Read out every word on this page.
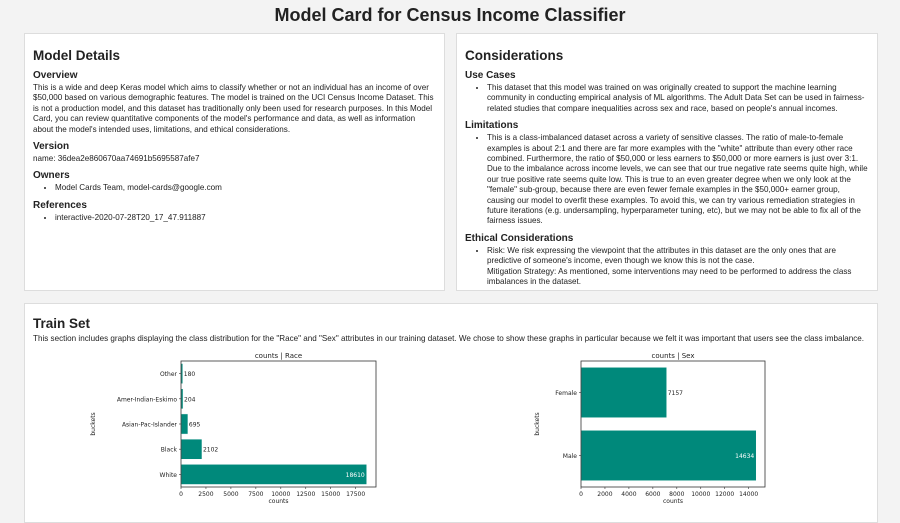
Model Card for Census Income Classifier
Model Details
Overview

This is a wide and deep Keras model which aims to classify whether or not an individual has an income of over $50,000 based on various demographic features. The model is trained on the UCI Census Income Dataset. This is not a production model, and this dataset has traditionally only been used for research purposes. In this Model Card, you can review quantitative components of the model's performance and data, as well as information about the model's intended uses, limitations, and ethical considerations.

Version

name: 36dea2e860670aa74691b5695587afe7

Owners
• Model Cards Team, model-cards@google.com
References
• interactive-2020-07-28T20_17_47.911887
Considerations
Use Cases
• This dataset that this model was trained on was originally created to support the machine learning community in conducting empirical analysis of ML algorithms. The Adult Data Set can be used in fairness-related studies that compare inequalities across sex and race, based on people's annual incomes.
Limitations
• This is a class-imbalanced dataset across a variety of sensitive classes. The ratio of male-to-female examples is about 2:1 and there are far more examples with the "white" attribute than every other race combined. Furthermore, the ratio of $50,000 or less earners to $50,000 or more earners is just over 3:1. Due to the imbalance across income levels, we can see that our true negative rate seems quite high, while our true positive rate seems quite low. This is true to an even greater degree when we only look at the "female" sub-group, because there are even fewer female examples in the $50,000+ earner group, causing our model to overfit these examples. To avoid this, we can try various remediation strategies in future iterations (e.g. undersampling, hyperparameter tuning, etc), but we may not be able to fix all of the fairness issues.
Ethical Considerations
• Risk: We risk expressing the viewpoint that the attributes in this dataset are the only ones that are predictive of someone's income, even though we know this is not the case.
Mitigation Strategy: As mentioned, some interventions may need to be performed to address the class imbalances in the dataset.
Train Set

This section includes graphs displaying the class distribution for the "Race" and "Sex" attributes in our training dataset. We chose to show these graphs in particular because we felt it was important that users see the class imbalance.

counts | Race
White	18610
Black	2102
Asian-Pac-Islander 695
Amer-Indian-Eskimo 204
Other 180
0	2500 5000 7500 10000 12500 15000 17500
counts
buckets
counts | Sex
Male	14634
Female	7157
0 2000 4000 6000 8000 10000 12000 14000
counts
buckets
